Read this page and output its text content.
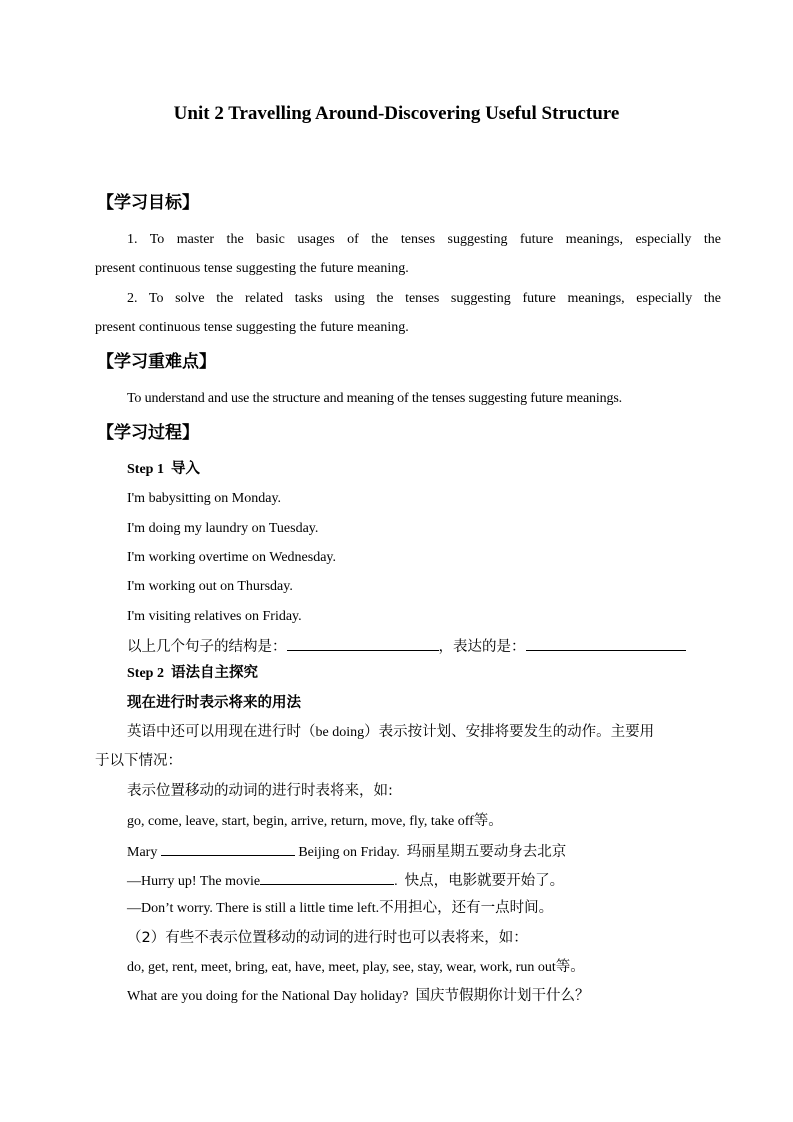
Unit 2 Travelling Around-Discovering Useful Structure
【学习目标】
1. To master the basic usages of the tenses suggesting future meanings, especially the
present continuous tense suggesting the future meaning.
2. To solve the related tasks using the tenses suggesting future meanings, especially the
present continuous tense suggesting the future meaning.
【学习重难点】
To understand and use the structure and meaning of the tenses suggesting future meanings.
【学习过程】
Step 1 导入
I'm babysitting on Monday.
I'm doing my laundry on Tuesday.
I'm working overtime on Wednesday.
I'm working out on Thursday.
I'm visiting relatives on Friday.
以上几个句子的结构是：	，表达的是：
Step 2 语法自主探究
现在进行时表示将来的用法
英语中还可以用现在进行时（be doing）表示按计划、安排将要发生的动作。主要用
于以下情况：
表示位置移动的动词的进行时表将来，如:
go, come, leave, start, begin, arrive, return, move, fly, take off等。
Mary	Beijing on Friday. 玛丽星期五要动身去北京
—Hurry up! The movie	. 快点，电影就要开始了。
—Don’t worry. There is still a little time left.不用担心，还有一点时间。
（2）有些不表示位置移动的动词的进行时也可以表将来，如：
do, get, rent, meet, bring, eat, have, meet, play, see, stay, wear, work, run out等。
What are you doing for the National Day holiday? 国庆节假期你计划干什么？
